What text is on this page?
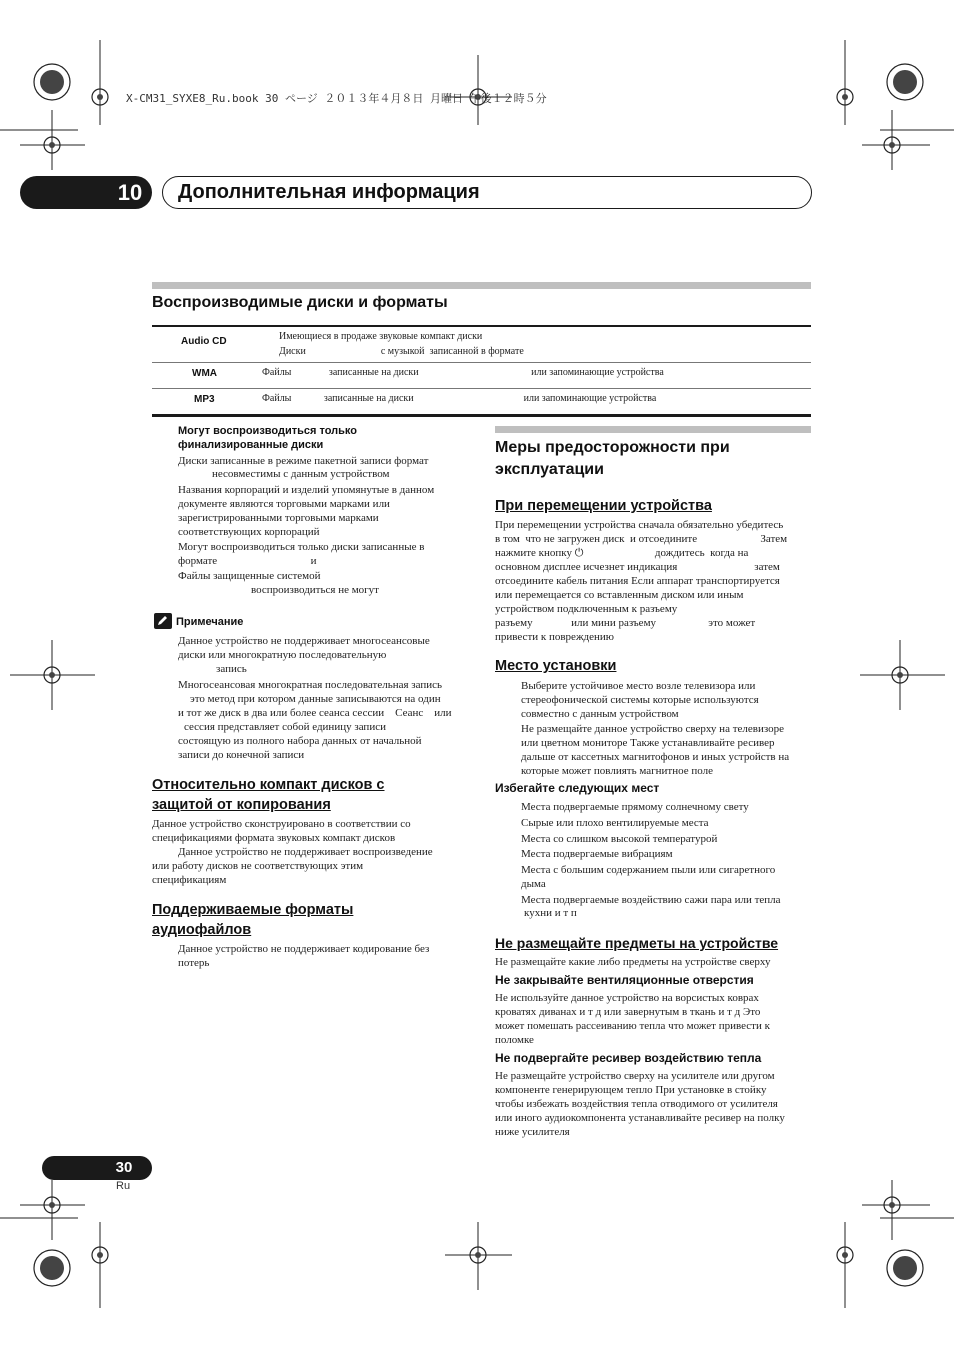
X-CM31_SYXE8_Ru.book 30 ページ ２０１３年４月８日 月曜日 午後１２時５分
10	Дополнительная информация
Воспроизводимые диски и форматы
Audio CD	Имеющиеся в продаже звуковые компакт диски
Диски                              с музыкой  записанной в формате
WMA	Файлы               записанные на диски                                             или запоминающие устройства
MP3	Файлы             записанные на диски                                            или запоминающие устройства
Могут воспроизводиться только финализированные диски
Диски записанные в режиме пакетной записи формат
несовместимы с данным устройством
Названия корпораций и изделий упомянутые в данном
документе являются торговыми марками или
зарегистрированными торговыми марками
соответствующих корпораций
Могут воспроизводиться только диски записанные в
формате                                  и
Файлы защищенные системой
воспроизводиться не могут
Примечание
Данное устройство не поддерживает многосеансовые
диски или многократную последовательную
запись
Многосеансовая многократная последовательная запись
это метод при котором данные записываются на один
и тот же диск в два или более сеанса сессии    Сеанс    или
сессия представляет собой единицу записи
состоящую из полного набора данных от начальной
записи до конечной записи
Относительно компакт дисков с
защитой от копирования
Данное устройство сконструировано в соответствии со
спецификациями формата звуковых компакт дисков
Данное устройство не поддерживает воспроизведение
или работу дисков не соответствующих этим
спецификациям
Поддерживаемые форматы
аудиофайлов
Данное устройство не поддерживает кодирование без
потерь
Меры предосторожности при
эксплуатации
При перемещении устройства
При перемещении устройства сначала обязательно убедитесь
в том  что не загружен диск  и отсоедините                       Затем
нажмите кнопку ⏻                          дождитесь  когда на
основном дисплее исчезнет индикация                            затем
отсоедините кабель питания Если аппарат транспортируется
или перемещается со вставленным диском или иным
устройством подключенным к разъему
разъему              или мини разъему                   это может
привести к повреждению
Место установки
Выберите устойчивое место возле телевизора или
стереофонической системы которые используются
совместно с данным устройством
Не размещайте данное устройство сверху на телевизоре
или цветном мониторе Также устанавливайте ресивер
дальше от кассетных магнитофонов и иных устройств на
которые может повлиять магнитное поле
Избегайте следующих мест
Места подвергаемые прямому солнечному свету
Сырые или плохо вентилируемые места
Места со слишком высокой температурой
Места подвергаемые вибрациям
Места с большим содержанием пыли или сигаретного
дыма
Места подвергаемые воздействию сажи пара или тепла
кухни и т п
Не размещайте предметы на устройстве
Не размещайте какие либо предметы на устройстве сверху
Не закрывайте вентиляционные отверстия
Не используйте данное устройство на ворсистых коврах
кроватях диванах и т д или завернутым в ткань и т д Это
может помешать рассеиванию тепла что может привести к
поломке
Не подвергайте ресивер воздействию тепла
Не размещайте устройство сверху на усилителе или другом
компоненте генерирующем тепло При установке в стойку
чтобы избежать воздействия тепла отводимого от усилителя
или иного аудиокомпонента устанавливайте ресивер на полку
ниже усилителя
30
Ru
